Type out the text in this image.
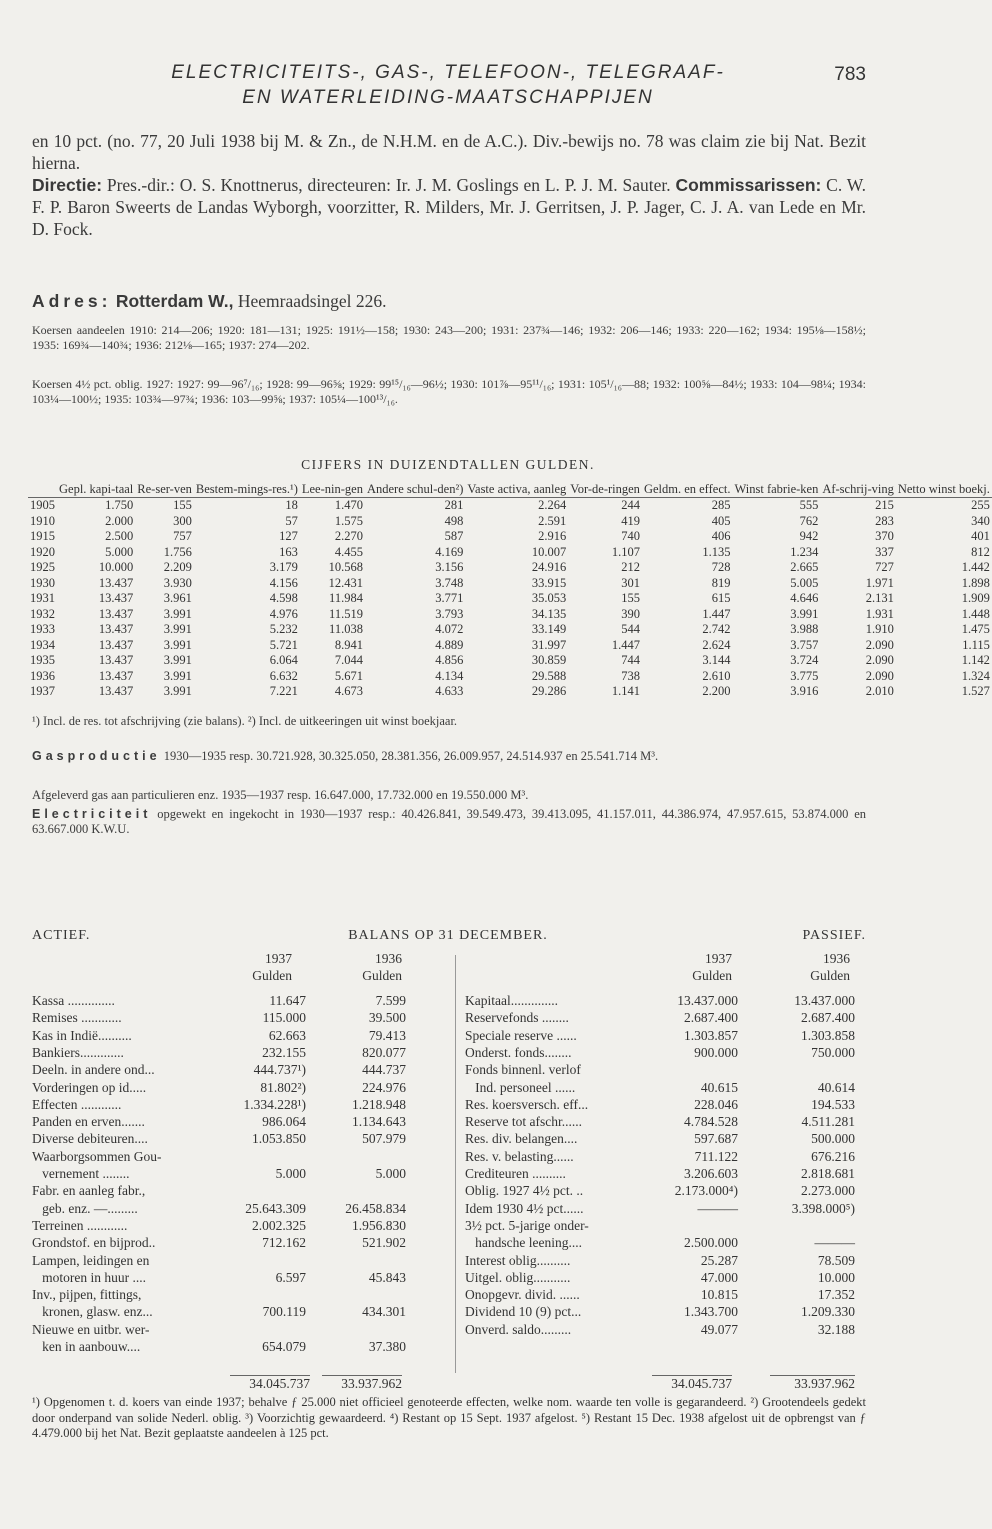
ELECTRICITEITS-, GAS-, TELEFOON-, TELEGRAAF-
EN WATERLEIDING-MAATSCHAPPIJEN
783
en 10 pct. (no. 77, 20 Juli 1938 bij M. & Zn., de N.H.M. en de A.C.). Div.-bewijs no. 78 was claim zie bij Nat. Bezit hierna.
Directie: Pres.-dir.: O. S. Knottnerus, directeuren: Ir. J. M. Goslings en L. P. J. M. Sauter. Commissarissen: C. W. F. P. Baron Sweerts de Landas Wyborgh, voorzitter, R. Milders, Mr. J. Gerritsen, J. P. Jager, C. J. A. van Lede en Mr. D. Fock.
Adres: Rotterdam W., Heemraadsingel 226.
Koersen aandeelen 1910: 214—206; 1920: 181—131; 1925: 191½—158; 1930: 243—200; 1931: 237¾—146; 1932: 206—146; 1933: 220—162; 1934: 195⅛—158½; 1935: 169¾—140¾; 1936: 212⅛—165; 1937: 274—202.
Koersen 4½ pct. oblig. 1927: 1927: 99—96⁷/₁₆; 1928: 99—96⅝; 1929: 99¹⁵/₁₆—96½; 1930: 101⅞—95¹¹/₁₆; 1931: 105¹/₁₆—88; 1932: 100⅝—84½; 1933: 104—98¼; 1934: 103¼—100½; 1935: 103¾—97¾; 1936: 103—99⅝; 1937: 105¼—100¹³/₁₆.
CIJFERS IN DUIZENDTALLEN GULDEN.
	Gepl. kapi-taal	Re-ser-ven	Bestem-mings-res.¹)	Lee-nin-gen	Andere schul-den²)	Vaste activa, aanleg	Vor-de-ringen	Geldm. en effect.	Winst fabrie-ken	Af-schrij-ving	Netto winst boekj.
1905	1.750	155	18	1.470	281	2.264	244	285	555	215	255
1910	2.000	300	57	1.575	498	2.591	419	405	762	283	340
1915	2.500	757	127	2.270	587	2.916	740	406	942	370	401
1920	5.000	1.756	163	4.455	4.169	10.007	1.107	1.135	1.234	337	812
1925	10.000	2.209	3.179	10.568	3.156	24.916	212	728	2.665	727	1.442
1930	13.437	3.930	4.156	12.431	3.748	33.915	301	819	5.005	1.971	1.898
1931	13.437	3.961	4.598	11.984	3.771	35.053	155	615	4.646	2.131	1.909
1932	13.437	3.991	4.976	11.519	3.793	34.135	390	1.447	3.991	1.931	1.448
1933	13.437	3.991	5.232	11.038	4.072	33.149	544	2.742	3.988	1.910	1.475
1934	13.437	3.991	5.721	8.941	4.889	31.997	1.447	2.624	3.757	2.090	1.115
1935	13.437	3.991	6.064	7.044	4.856	30.859	744	3.144	3.724	2.090	1.142
1936	13.437	3.991	6.632	5.671	4.134	29.588	738	2.610	3.775	2.090	1.324
1937	13.437	3.991	7.221	4.673	4.633	29.286	1.141	2.200	3.916	2.010	1.527
¹) Incl. de res. tot afschrijving (zie balans). ²) Incl. de uitkeeringen uit winst boekjaar.
Gasproductie 1930—1935 resp. 30.721.928, 30.325.050, 28.381.356, 26.009.957, 24.514.937 en 25.541.714 M³.
Afgeleverd gas aan particulieren enz. 1935—1937 resp. 16.647.000, 17.732.000 en 19.550.000 M³.
Electriciteit opgewekt en ingekocht in 1930—1937 resp.: 40.426.841, 39.549.473, 39.413.095, 41.157.011, 44.386.974, 47.957.615, 53.874.000 en 63.667.000 K.W.U.
ACTIEF.	BALANS OP 31 DECEMBER.	PASSIEF.
1937	1936	1937	1936
Gulden	Gulden	Gulden	Gulden
Kassa ..............	11.647	7.599
Remises ............	115.000	39.500
Kas in Indië..........	62.663	79.413
Bankiers.............	232.155	820.077
Deeln. in andere ond...	444.737¹)	444.737
Vorderingen op id.....	81.802²)	224.976
Effecten ............	1.334.228¹)	1.218.948
Panden en erven.......	986.064	1.134.643
Diverse debiteuren....	1.053.850	507.979
Waarborgsommen Gou-
vernement ........	5.000	5.000
Fabr. en aanleg fabr.,
geb. enz. —.........	25.643.309	26.458.834
Terreinen ............	2.002.325	1.956.830
Grondstof. en bijprod..	712.162	521.902
Lampen, leidingen en
motoren in huur ....	6.597	45.843
Inv., pijpen, fittings,
kronen, glasw. enz...	700.119	434.301
Nieuwe en uitbr. wer-
ken in aanbouw....	654.079	37.380
Kapitaal..............	13.437.000	13.437.000
Reservefonds ........	2.687.400	2.687.400
Speciale reserve ......	1.303.857	1.303.858
Onderst. fonds........	900.000	750.000
Fonds binnenl. verlof
Ind. personeel ......	40.615	40.614
Res. koersversch. eff...	228.046	194.533
Reserve tot afschr......	4.784.528	4.511.281
Res. div. belangen....	597.687	500.000
Res. v. belasting......	711.122	676.216
Crediteuren ..........	3.206.603	2.818.681
Oblig. 1927 4½ pct. ..	2.173.000⁴)	2.273.000
Idem 1930 4½ pct......	———	3.398.000⁵)
3½ pct. 5-jarige onder-
handsche leening....	2.500.000	———
Interest oblig..........	25.287	78.509
Uitgel. oblig...........	47.000	10.000
Onopgevr. divid. ......	10.815	17.352
Dividend 10 (9) pct...	1.343.700	1.209.330
Onverd. saldo.........	49.077	32.188
34.045.737	33.937.962	34.045.737	33.937.962
¹) Opgenomen t. d. koers van einde 1937; behalve ƒ 25.000 niet officieel genoteerde effecten, welke nom. waarde ten volle is gegarandeerd. ²) Grootendeels gedekt door onderpand van solide Nederl. oblig. ³) Voorzichtig gewaardeerd. ⁴) Restant op 15 Sept. 1937 afgelost. ⁵) Restant 15 Dec. 1938 afgelost uit de opbrengst van ƒ 4.479.000 bij het Nat. Bezit geplaatste aandeelen à 125 pct.
